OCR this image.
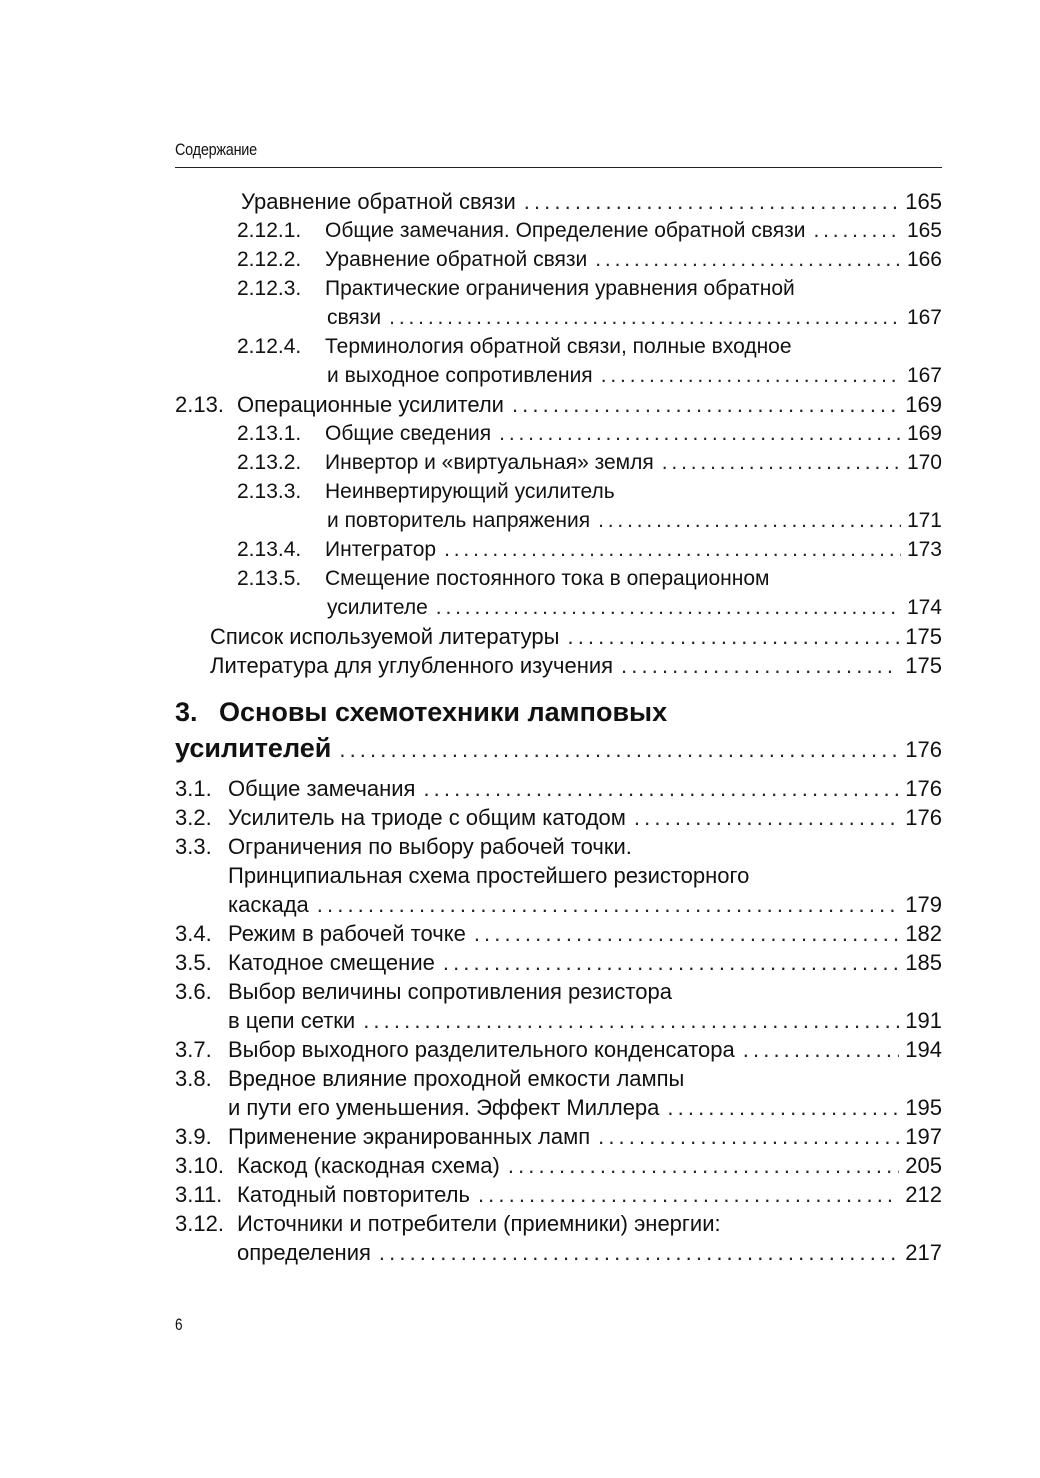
Содержание
Уравнение обратной связи . . .	165
2.12.1.	Общие замечания. Определение обратной связи . . .	165
2.12.2.	Уравнение обратной связи . . .	166
2.12.3.	Практические ограничения уравнения обратной
связи . . .	167
2.12.4.	Терминология обратной связи, полные входное
и выходное сопротивления . . .	167
2.13. Операционные усилители . . .	169
2.13.1.	Общие сведения . . .	169
2.13.2.	Инвертор и «виртуальная» земля . . .	170
2.13.3.	Неинвертирующий усилитель
и повторитель напряжения . . .	171
2.13.4.	Интегратор . . .	173
2.13.5.	Смещение постоянного тока в операционном
усилителе . . .	174
Список используемой литературы . . .	175
Литература для углубленного изучения . . .	175
3. Основы схемотехники ламповых
усилителей . . .	176
3.1. Общие замечания . . .	176
3.2. Усилитель на триоде с общим катодом . . .	176
3.3. Ограничения по выбору рабочей точки.
Принципиальная схема простейшего резисторного
каскада . . .	179
3.4. Режим в рабочей точке . . .	182
3.5. Катодное смещение . . .	185
3.6. Выбор величины сопротивления резистора
в цепи сетки . . .	191
3.7. Выбор выходного разделительного конденсатора . . .	194
3.8. Вредное влияние проходной емкости лампы
и пути его уменьшения. Эффект Миллера . . .	195
3.9. Применение экранированных ламп . . .	197
3.10. Каскод (каскодная схема) . . .	205
3.11. Катодный повторитель . . .	212
3.12. Источники и потребители (приемники) энергии:
определения . . .	217
6
